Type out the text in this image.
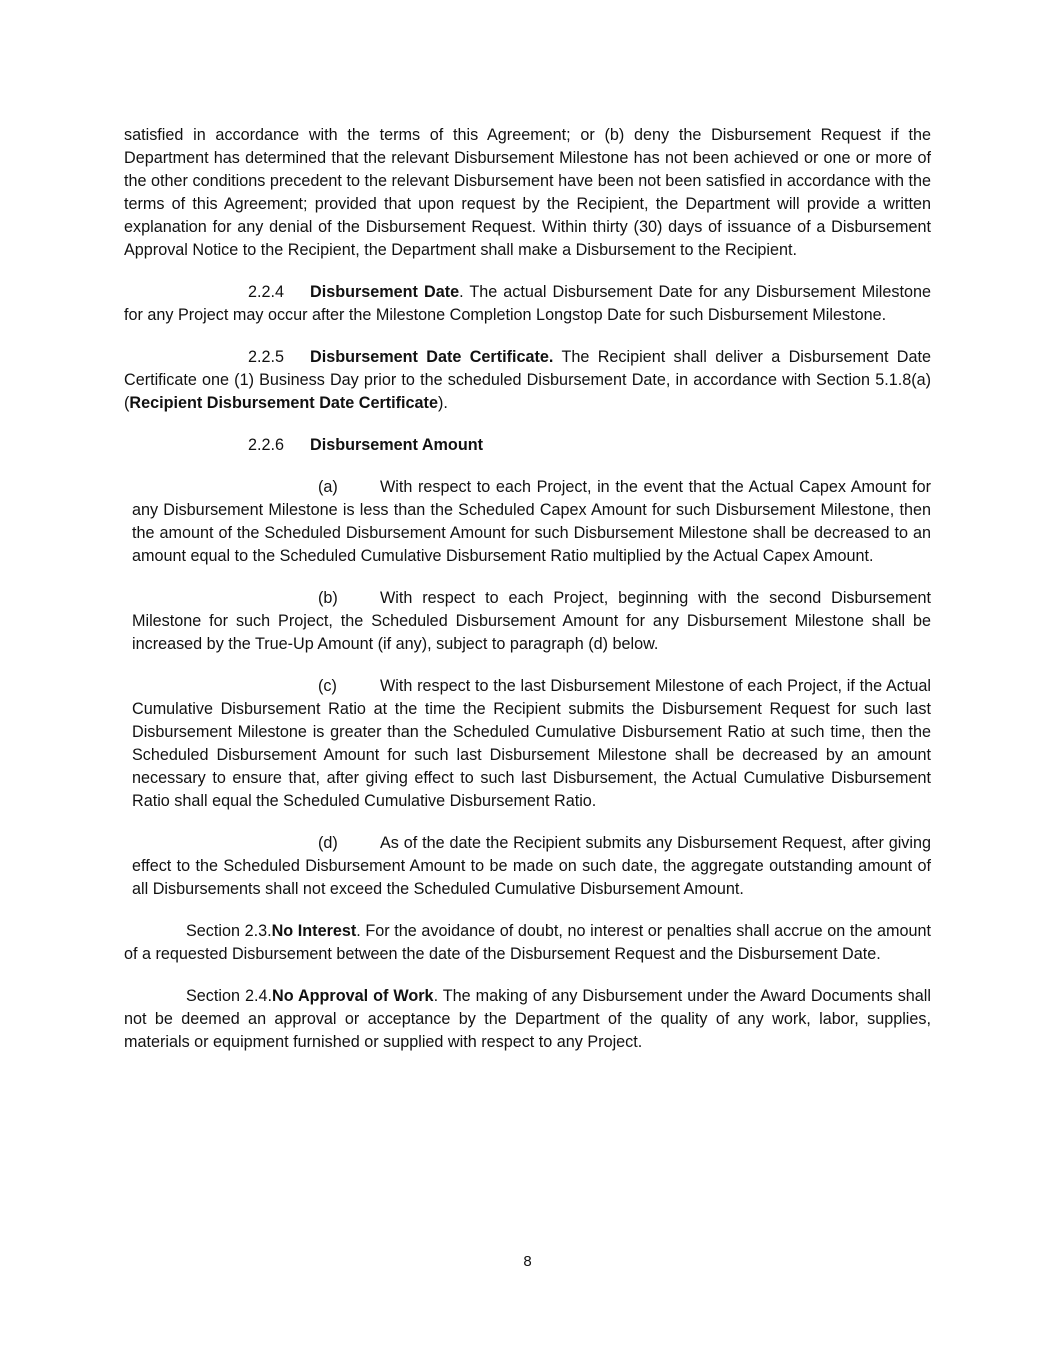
satisfied in accordance with the terms of this Agreement; or (b) deny the Disbursement Request if the Department has determined that the relevant Disbursement Milestone has not been achieved or one or more of the other conditions precedent to the relevant Disbursement have been not been satisfied in accordance with the terms of this Agreement; provided that upon request by the Recipient, the Department will provide a written explanation for any denial of the Disbursement Request. Within thirty (30) days of issuance of a Disbursement Approval Notice to the Recipient, the Department shall make a Disbursement to the Recipient.

2.2.4 Disbursement Date. The actual Disbursement Date for any Disbursement Milestone for any Project may occur after the Milestone Completion Longstop Date for such Disbursement Milestone.

2.2.5 Disbursement Date Certificate. The Recipient shall deliver a Disbursement Date Certificate one (1) Business Day prior to the scheduled Disbursement Date, in accordance with Section 5.1.8(a) (Recipient Disbursement Date Certificate).

2.2.6 Disbursement Amount

(a)	With respect to each Project, in the event that the Actual Capex Amount for any Disbursement Milestone is less than the Scheduled Capex Amount for such Disbursement Milestone, then the amount of the Scheduled Disbursement Amount for such Disbursement Milestone shall be decreased to an amount equal to the Scheduled Cumulative Disbursement Ratio multiplied by the Actual Capex Amount.

(b)	With respect to each Project, beginning with the second Disbursement Milestone for such Project, the Scheduled Disbursement Amount for any Disbursement Milestone shall be increased by the True-Up Amount (if any), subject to paragraph (d) below.

(c)	With respect to the last Disbursement Milestone of each Project, if the Actual Cumulative Disbursement Ratio at the time the Recipient submits the Disbursement Request for such last Disbursement Milestone is greater than the Scheduled Cumulative Disbursement Ratio at such time, then the Scheduled Disbursement Amount for such last Disbursement Milestone shall be decreased by an amount necessary to ensure that, after giving effect to such last Disbursement, the Actual Cumulative Disbursement Ratio shall equal the Scheduled Cumulative Disbursement Ratio.

(d)	As of the date the Recipient submits any Disbursement Request, after giving effect to the Scheduled Disbursement Amount to be made on such date, the aggregate outstanding amount of all Disbursements shall not exceed the Scheduled Cumulative Disbursement Amount.

Section 2.3.No Interest. For the avoidance of doubt, no interest or penalties shall accrue on the amount of a requested Disbursement between the date of the Disbursement Request and the Disbursement Date.

Section 2.4.No Approval of Work. The making of any Disbursement under the Award Documents shall not be deemed an approval or acceptance by the Department of the quality of any work, labor, supplies, materials or equipment furnished or supplied with respect to any Project.

8
